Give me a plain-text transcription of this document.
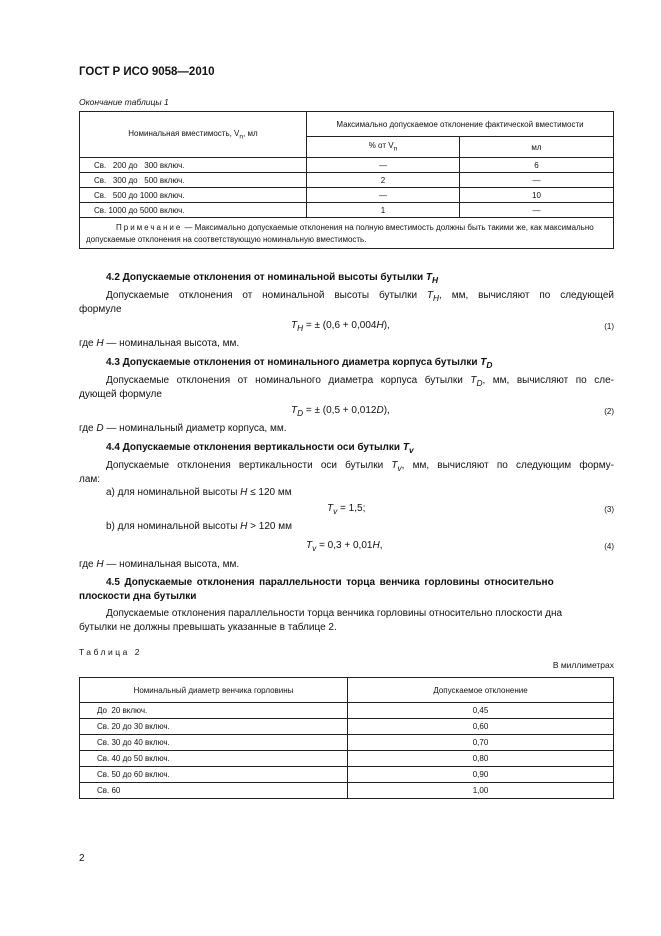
ГОСТ Р ИСО 9058—2010
Окончание таблицы 1
Номинальная вместимость, $V_n$, мл	Максимально допускаемое отклонение фактической вместимости	
	% от $V_n$	мл
Св.   200 до   300 включ.	—	6
Св.   300 до   500 включ.	2	—
Св.   500 до 1000 включ.	—	10
Св. 1000 до 5000 включ.	1	—
Примечание — Максимально допускаемые отклонения на полную вместимость должны быть такими же, как максимально допускаемые отклонения на соответствующую номинальную вместимость.		
4.2 Допускаемые отклонения от номинальной высоты бутылки $T_H$
Допускаемые отклонения от номинальной высоты бутылки $T_H$, мм, вычисляют по следующей
формуле
$T_H$ = ± (0,6 + 0,004H),	(1)
где H — номинальная высота, мм.
4.3 Допускаемые отклонения от номинального диаметра корпуса бутылки $T_D$
Допускаемые отклонения от номинального диаметра корпуса бутылки $T_D$, мм, вычисляют по сле-
дующей формуле
$T_D$ = ± (0,5 + 0,012D),	(2)
где D — номинальный диаметр корпуса, мм.
4.4 Допускаемые отклонения вертикальности оси бутылки $T_v$
Допускаемые отклонения вертикальности оси бутылки $T_v$, мм, вычисляют по следующим форму-
лам:
a) для номинальной высоты H ≤ 120 мм
$T_v = 1,5$;	(3)
b) для номинальной высоты H > 120 мм
$T_v = 0,3 + 0,01H$,	(4)
где H — номинальная высота, мм.
4.5  Допускаемые  отклонения  параллельности  торца  венчика  горловины  относительно
плоскости дна бутылки
Допускаемые отклонения параллельности торца венчика горловины относительно плоскости дна
бутылки не должны превышать указанные в таблице 2.
Таблица 2
В миллиметрах
Номинальный диаметр венчика горловины	Допускаемое отклонение
До  20 включ.	0,45
Св. 20 до 30 включ.	0,60
Св. 30 до 40 включ.	0,70
Св. 40 до 50 включ.	0,80
Св. 50 до 60 включ.	0,90
Св. 60	1,00
2
